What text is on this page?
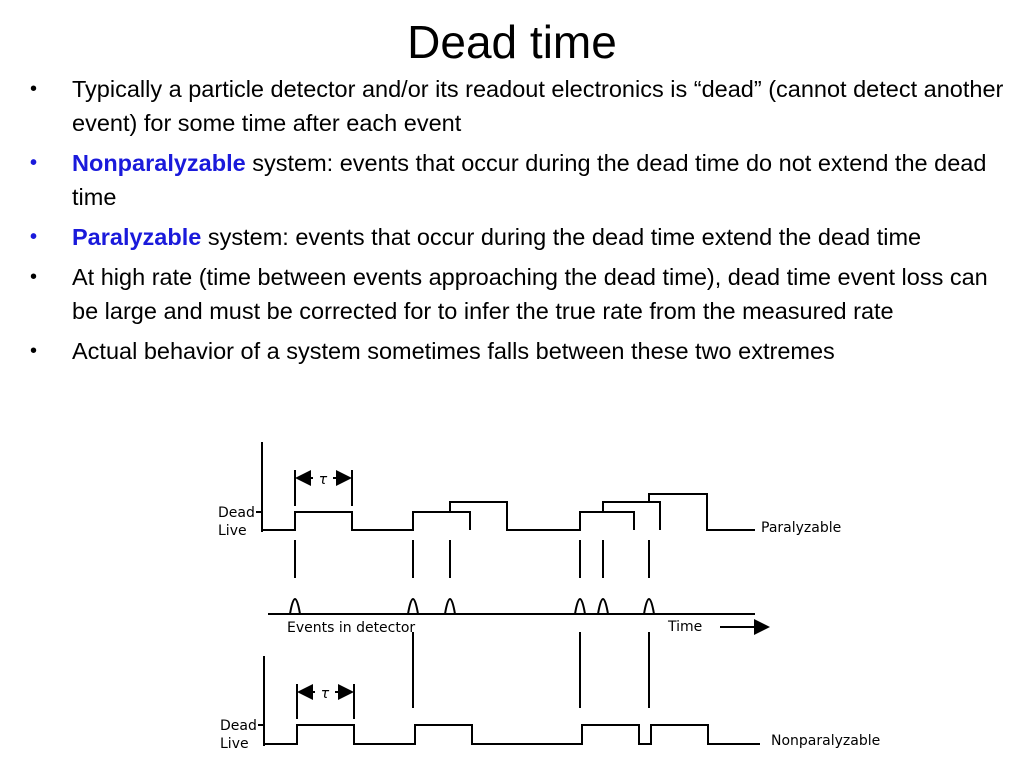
Dead time
• Typically a particle detector and/or its readout electronics is “dead” (cannot detect another event) for some time after each event
• Nonparalyzable system: events that occur during the dead time do not extend the dead time
• Paralyzable system: events that occur during the dead time extend the dead time
• At high rate (time between events approaching the dead time), dead time event loss can be large and must be corrected for to infer the true rate from the measured rate
• Actual behavior of a system sometimes falls between these two extremes
τ
Dead
Live	Paralyzable
Events in detector	Time
τ
Dead
Live	Nonparalyzable
